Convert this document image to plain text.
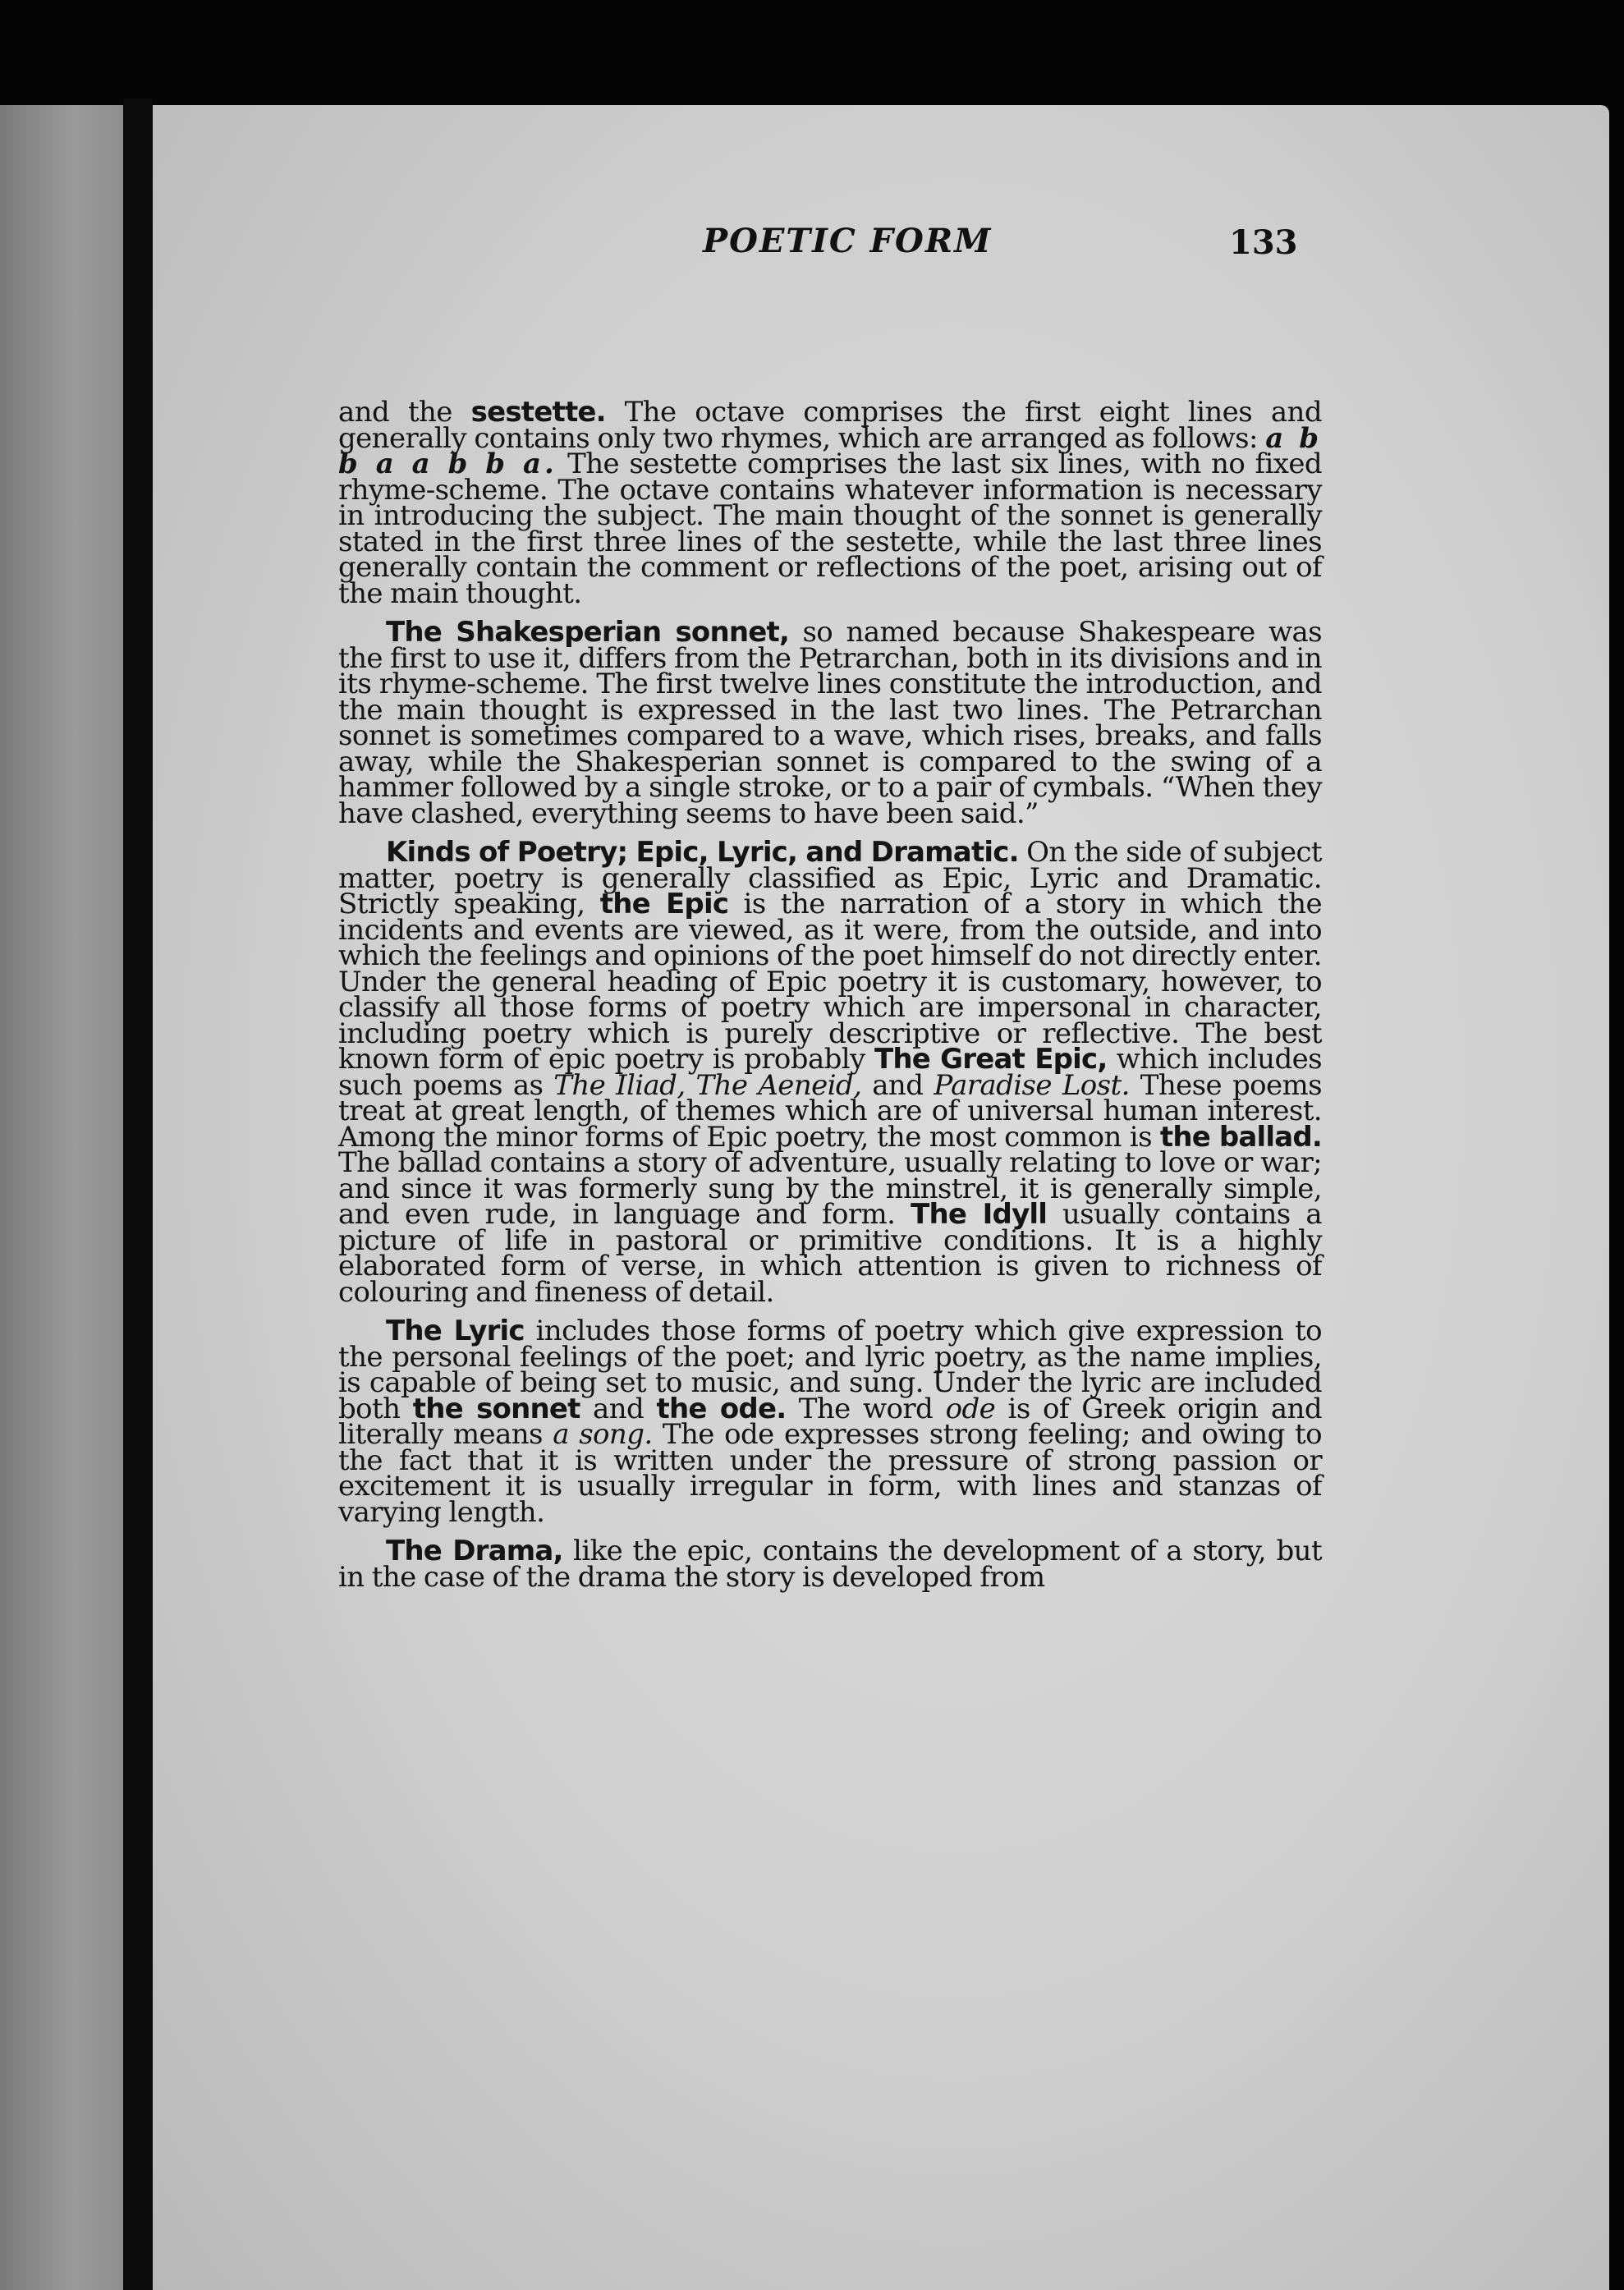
POETIC FORM	133

and the sestette. The octave comprises the first eight lines and generally contains only two rhymes, which are arranged as follows: a b b a a b b a. The sestette comprises the last six lines, with no fixed rhyme-scheme. The octave contains whatever information is necessary in introducing the subject. The main thought of the sonnet is generally stated in the first three lines of the sestette, while the last three lines generally contain the comment or reflections of the poet, arising out of the main thought.

The Shakesperian sonnet, so named because Shakespeare was the first to use it, differs from the Petrarchan, both in its divisions and in its rhyme-scheme. The first twelve lines constitute the introduction, and the main thought is expressed in the last two lines. The Petrarchan sonnet is sometimes compared to a wave, which rises, breaks, and falls away, while the Shakesperian sonnet is compared to the swing of a hammer followed by a single stroke, or to a pair of cymbals. “When they have clashed, everything seems to have been said.”

Kinds of Poetry; Epic, Lyric, and Dramatic. On the side of subject matter, poetry is generally classified as Epic, Lyric and Dramatic. Strictly speaking, the Epic is the narration of a story in which the incidents and events are viewed, as it were, from the outside, and into which the feelings and opinions of the poet himself do not directly enter. Under the general heading of Epic poetry it is customary, however, to classify all those forms of poetry which are impersonal in character, including poetry which is purely descriptive or reflective. The best known form of epic poetry is probably The Great Epic, which includes such poems as The Iliad, The Aeneid, and Paradise Lost. These poems treat at great length, of themes which are of universal human interest. Among the minor forms of Epic poetry, the most common is the ballad. The ballad contains a story of adventure, usually relating to love or war; and since it was formerly sung by the minstrel, it is generally simple, and even rude, in language and form. The Idyll usually contains a picture of life in pastoral or primitive conditions. It is a highly elaborated form of verse, in which attention is given to richness of colouring and fineness of detail.

The Lyric includes those forms of poetry which give expression to the personal feelings of the poet; and lyric poetry, as the name implies, is capable of being set to music, and sung. Under the lyric are included both the sonnet and the ode. The word ode is of Greek origin and literally means a song. The ode expresses strong feeling; and owing to the fact that it is written under the pressure of strong passion or excitement it is usually irregular in form, with lines and stanzas of varying length.

The Drama, like the epic, contains the development of a story, but in the case of the drama the story is developed from
